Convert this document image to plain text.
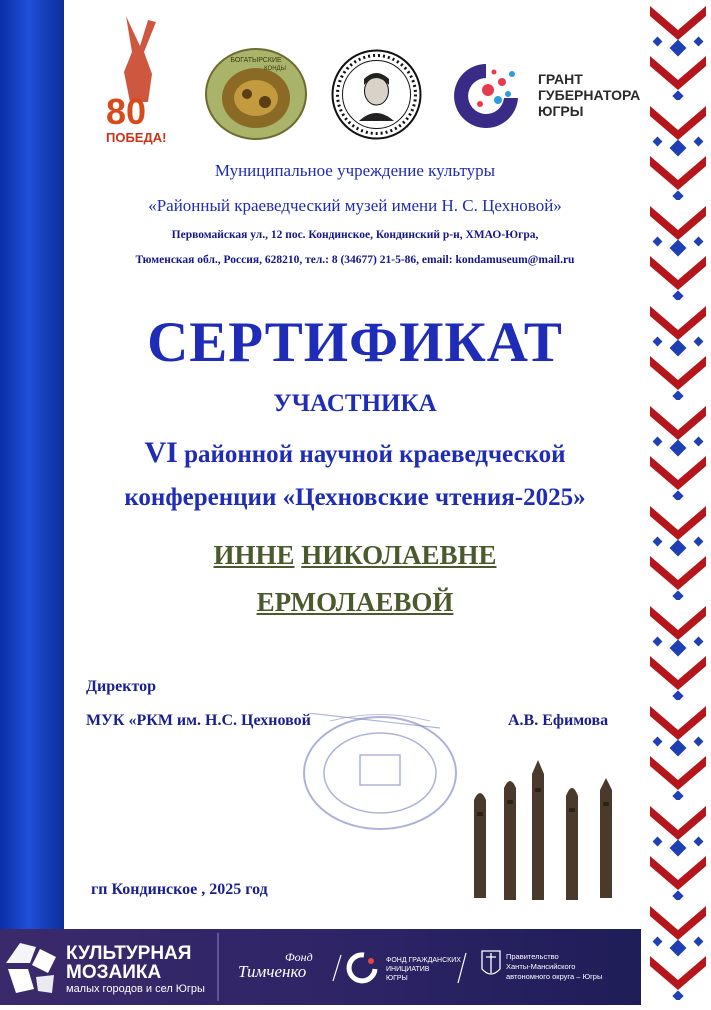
80
ПОБЕДА!
БОГАТЫРСКИЕ
КОНДЫ
ГРАНТ
ГУБЕРНАТОРА
ЮГРЫ
Муниципальное учреждение культуры
«Районный краеведческий музей имени Н. С. Цехновой»
Первомайская ул., 12 пос. Кондинское, Кондинский р-н, ХМАО-Югра,
Тюменская обл., Россия, 628210, тел.: 8 (34677) 21-5-86, email: kondamuseum@mail.ru
СЕРТИФИКАТ
УЧАСТНИКА
VI районной научной краеведческой
конференции «Цехновские чтения-2025»
ИННЕ НИКОЛАЕВНЕ
ЕРМОЛАЕВОЙ
Директор
МУК «РКМ им. Н.С. Цехновой	А.В. Ефимова
гп Кондинское , 2025 год
КУЛЬТУРНАЯ
МОЗАИКА
малых городов и сел Югры
Фонд
Тимченко
ФОНД ГРАЖДАНСКИХ
ИНИЦИАТИВ
ЮГРЫ
Правительство
Ханты-Мансийского
автономного округа – Югры
